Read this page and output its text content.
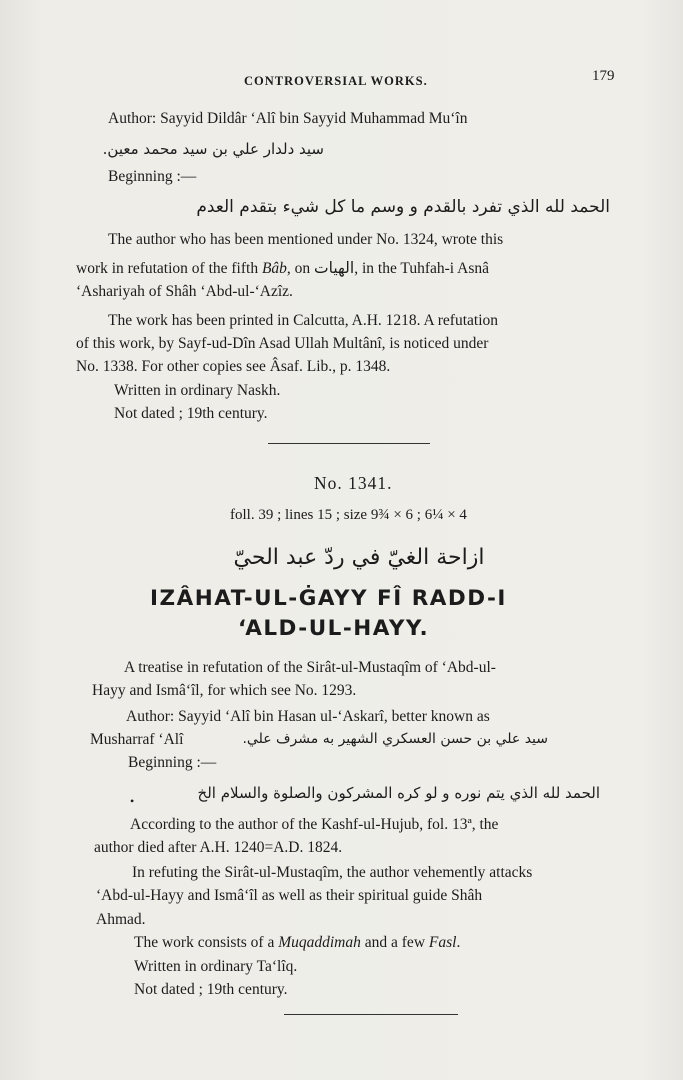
CONTROVERSIAL WORKS.	179
Author: Sayyid Dildâr ‘Alî bin Sayyid Muhammad Mu‘în
سيد دلدار علي بن سيد محمد معين.
Beginning :—
الحمد لله الذي تفرد بالقدم و وسم ما كل شيء بتقدم العدم
The author who has been mentioned under No. 1324, wrote this
work in refutation of the fifth Bâb, on الهيات, in the Tuhfah-i Asnâ
‘Ashariyah of Shâh ‘Abd-ul-‘Azîz.
The work has been printed in Calcutta, A.H. 1218. A refutation
of this work, by Sayf-ud-Dîn Asad Ullah Multânî, is noticed under
No. 1338. For other copies see Âsaf. Lib., p. 1348.
Written in ordinary Naskh.
Not dated ; 19th century.
No. 1341.
foll. 39 ; lines 15 ; size 9¾ × 6 ; 6¼ × 4
ازاحة الغيّ في ردّ عبد الحيّ
IZÂHAT-UL-ĠAYY FÎ RADD-I
‘ALD-UL-HAYY.
A treatise in refutation of the Sirât-ul-Mustaqîm of ‘Abd-ul-
Hayy and Ismâ‘îl, for which see No. 1293.
Author: Sayyid ‘Alî bin Hasan ul-‘Askarî, better known as
Musharraf ‘Alî	سيد علي بن حسن العسكري الشهير به مشرف علي.
Beginning :—
•	الحمد لله الذي يتم نوره و لو كره المشركون والصلوة والسلام الخ
According to the author of the Kashf-ul-Hujub, fol. 13ª, the
author died after A.H. 1240=A.D. 1824.
In refuting the Sirât-ul-Mustaqîm, the author vehemently attacks
‘Abd-ul-Hayy and Ismâ‘îl as well as their spiritual guide Shâh
Ahmad.
The work consists of a Muqaddimah and a few Fasl.
Written in ordinary Ta‘lîq.
Not dated ; 19th century.
